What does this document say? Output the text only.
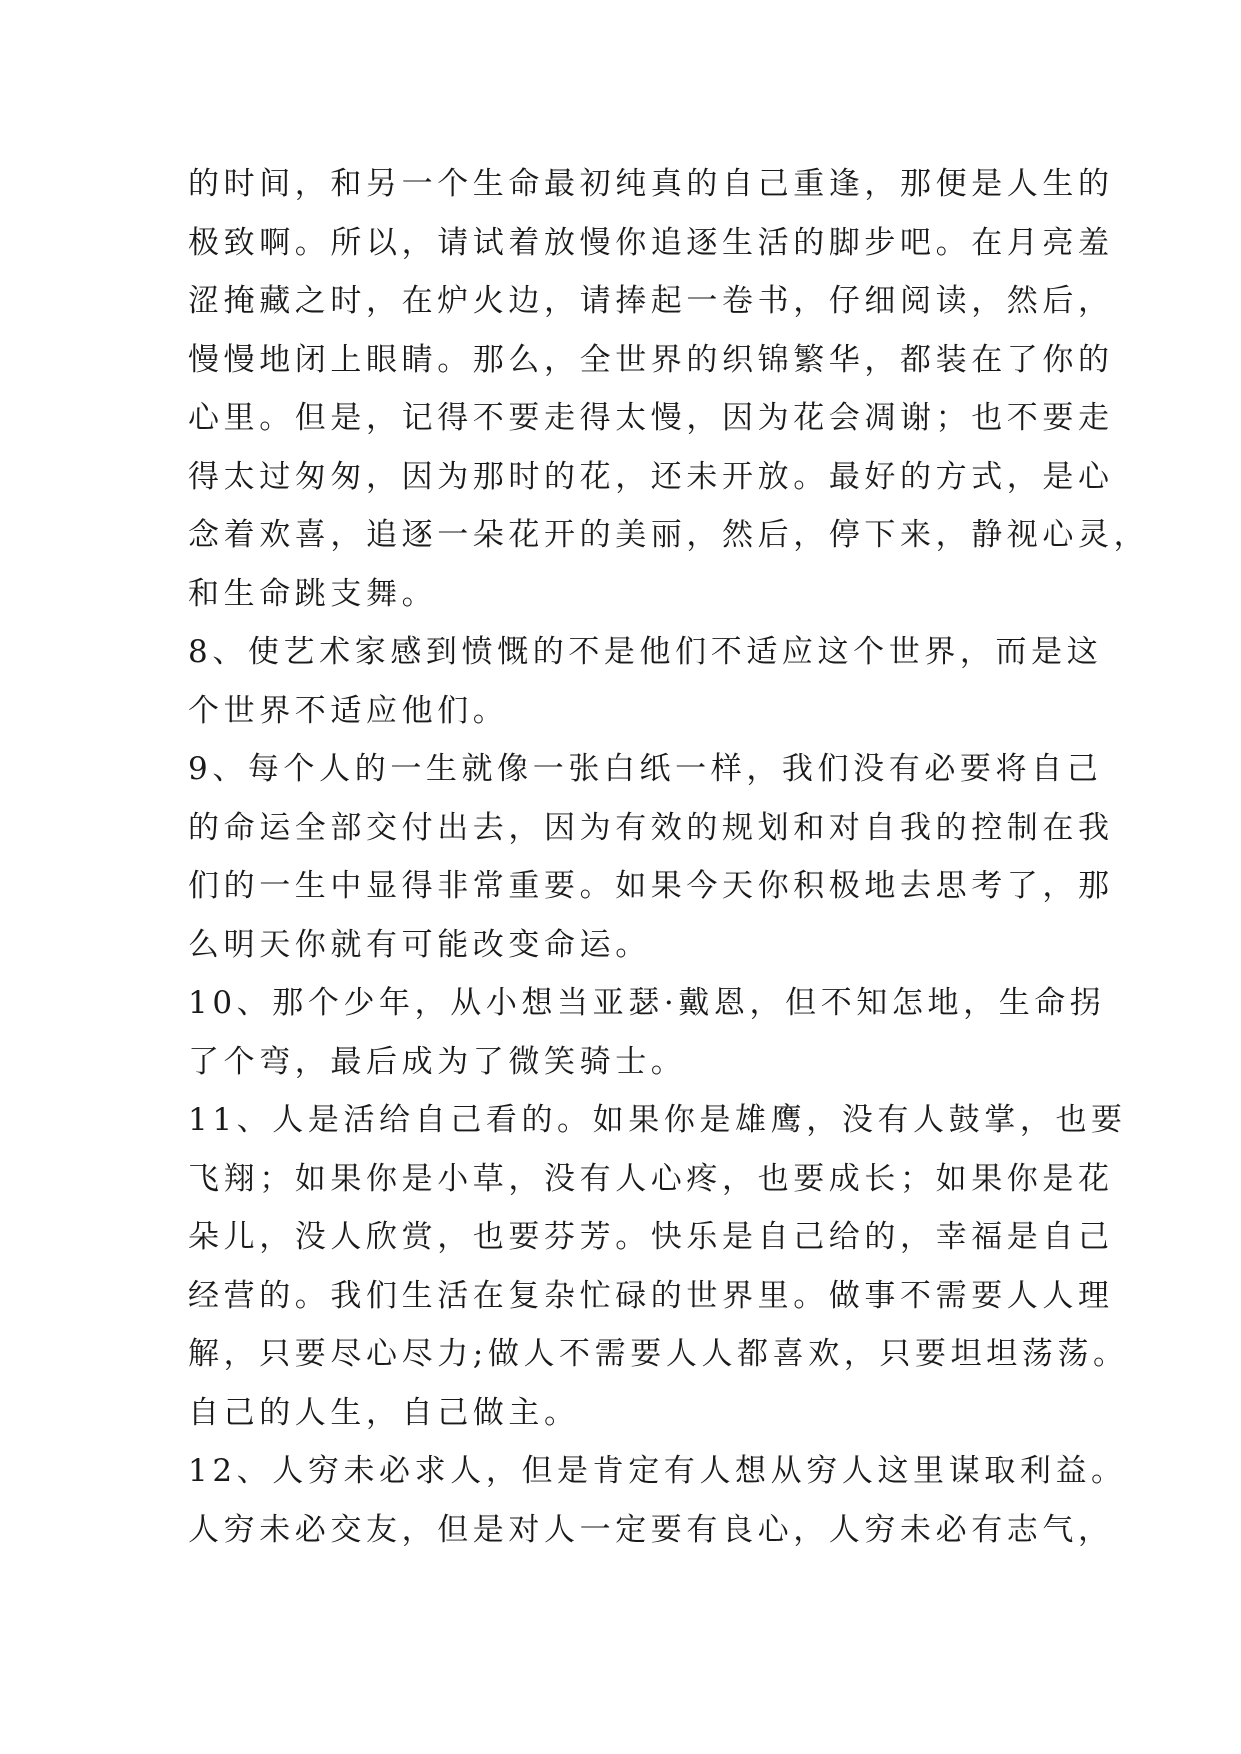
的时间，和另一个生命最初纯真的自己重逢，那便是人生的
极致啊。所以，请试着放慢你追逐生活的脚步吧。在月亮羞
涩掩藏之时，在炉火边，请捧起一卷书，仔细阅读，然后，
慢慢地闭上眼睛。那么，全世界的织锦繁华，都装在了你的
心里。但是，记得不要走得太慢，因为花会凋谢；也不要走
得太过匆匆，因为那时的花，还未开放。最好的方式，是心
念着欢喜，追逐一朵花开的美丽，然后，停下来，静视心灵，
和生命跳支舞。
8、使艺术家感到愤慨的不是他们不适应这个世界，而是这
个世界不适应他们。
9、每个人的一生就像一张白纸一样，我们没有必要将自己
的命运全部交付出去，因为有效的规划和对自我的控制在我
们的一生中显得非常重要。如果今天你积极地去思考了，那
么明天你就有可能改变命运。
10、那个少年，从小想当亚瑟·戴恩，但不知怎地，生命拐
了个弯，最后成为了微笑骑士。
11、人是活给自己看的。如果你是雄鹰，没有人鼓掌，也要
飞翔；如果你是小草，没有人心疼，也要成长；如果你是花
朵儿，没人欣赏，也要芬芳。快乐是自己给的，幸福是自己
经营的。我们生活在复杂忙碌的世界里。做事不需要人人理
解，只要尽心尽力;做人不需要人人都喜欢，只要坦坦荡荡。
自己的人生，自己做主。
12、人穷未必求人，但是肯定有人想从穷人这里谋取利益。
人穷未必交友，但是对人一定要有良心，人穷未必有志气，
